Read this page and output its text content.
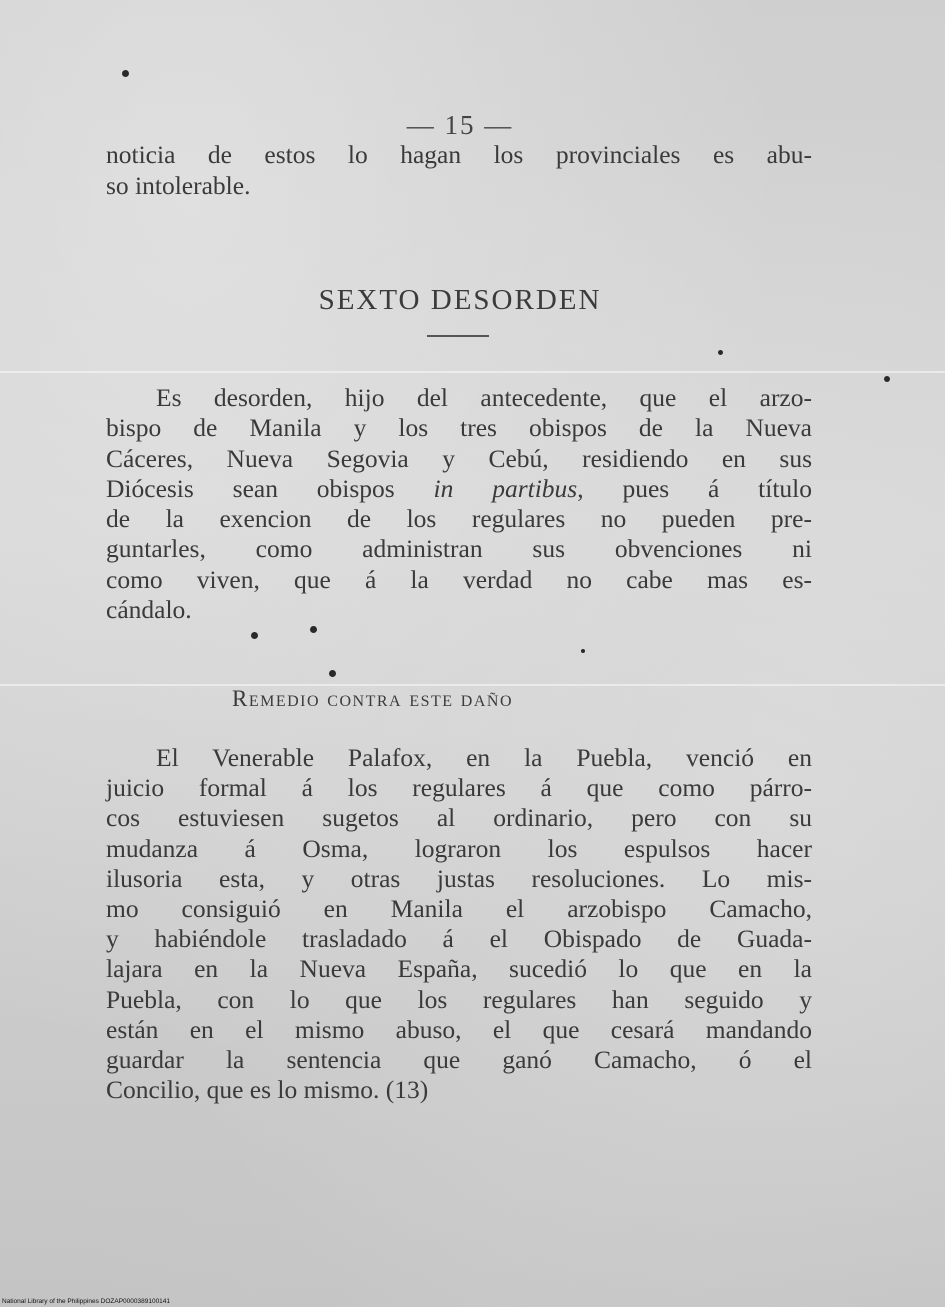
— 15 —
noticia de estos lo hagan los provinciales es abu-
so intolerable.
SEXTO DESORDEN
Es desorden, hijo del antecedente, que el arzo-
bispo de Manila y los tres obispos de la Nueva
Cáceres, Nueva Segovia y Cebú, residiendo en sus
Diócesis sean obispos in partibus, pues á título
de la exencion de los regulares no pueden pre-
guntarles, como administran sus obvenciones ni
como viven, que á la verdad no cabe mas es-
cándalo.
Remedio contra este daño
El Venerable Palafox, en la Puebla, venció en
juicio formal á los regulares á que como párro-
cos estuviesen sugetos al ordinario, pero con su
mudanza á Osma, lograron los espulsos hacer
ilusoria esta, y otras justas resoluciones. Lo mis-
mo consiguió en Manila el arzobispo Camacho,
y habiéndole trasladado á el Obispado de Guada-
lajara en la Nueva España, sucedió lo que en la
Puebla, con lo que los regulares han seguido y
están en el mismo abuso, el que cesará mandando
guardar la sentencia que ganó Camacho, ó el
Concilio, que es lo mismo. (13)
National Library of the Philippines DOZAP0000389100141
